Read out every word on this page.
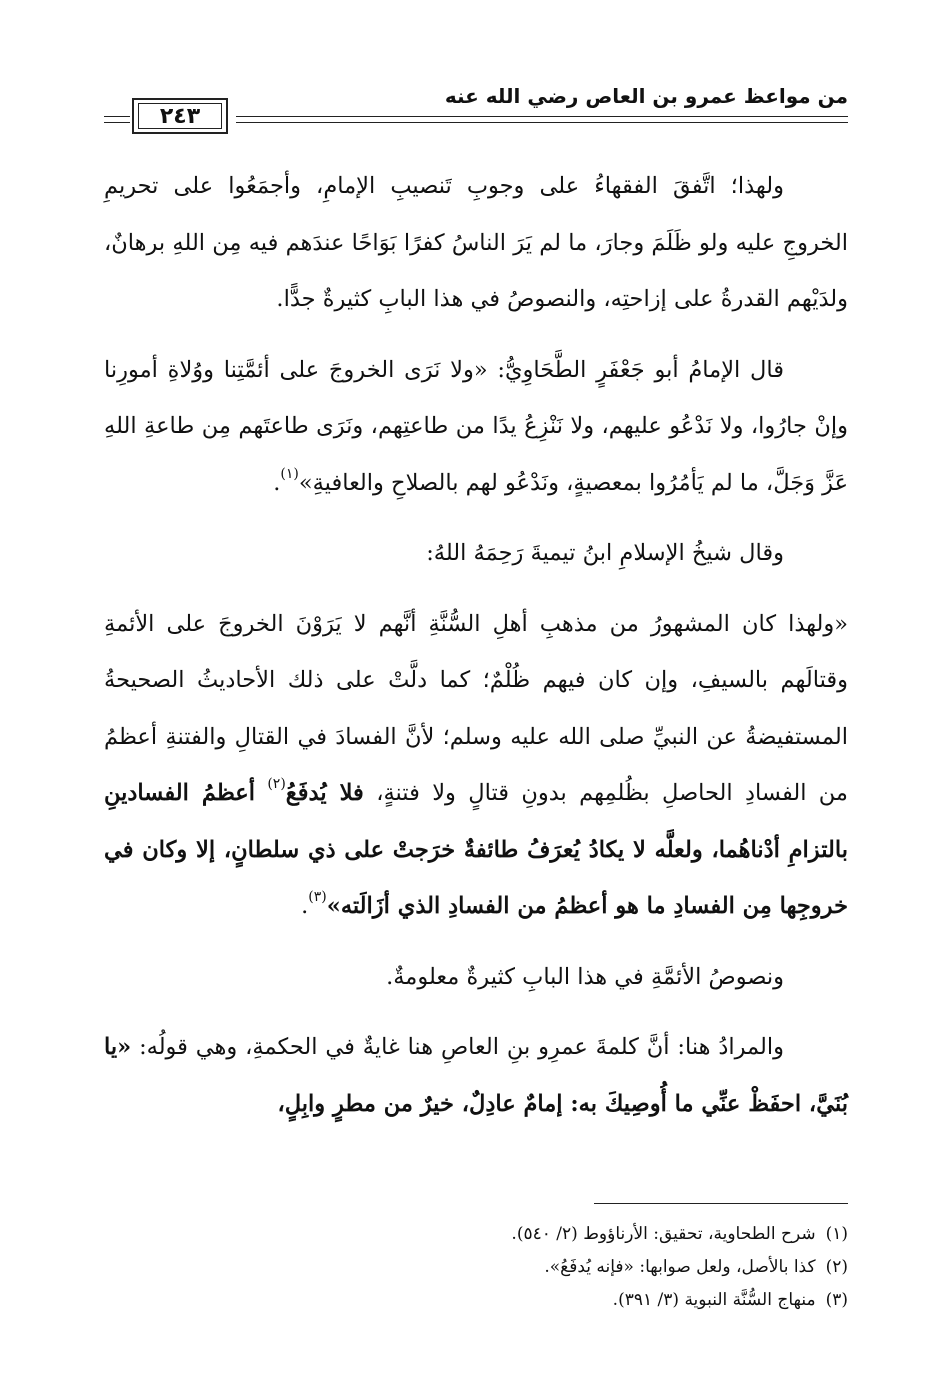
من مواعظ عمرو بن العاص رضي الله عنه
٢٤٣

ولهذا؛ اتَّفقَ الفقهاءُ على وجوبِ تَنصيبِ الإمامِ، وأجمَعُوا على تحريمِ الخروجِ عليه ولو ظَلَمَ وجارَ، ما لم يَرَ الناسُ كفرًا بَوَاحًا عندَهم فيه مِن اللهِ برهانٌ، ولدَيْهم القدرةُ على إزاحتِه، والنصوصُ في هذا البابِ كثيرةٌ جدًّا.

قال الإمامُ أبو جَعْفَرٍ الطَّحَاوِيُّ: «ولا نَرَى الخروجَ على أئمَّتِنا ووُلاةِ أمورِنا وإنْ جارُوا، ولا نَدْعُو عليهم، ولا نَنْزِعُ يدًا من طاعتِهم، ونَرَى طاعتَهم مِن طاعةِ اللهِ عَزَّ وَجَلَّ، ما لم يَأمُرُوا بمعصيةٍ، ونَدْعُو لهم بالصلاحِ والعافيةِ»$^{(١)}$.

وقال شيخُ الإسلامِ ابنُ تيميةَ رَحِمَهُ اللهُ:

«ولهذا كان المشهورُ من مذهبِ أهلِ السُّنَّةِ أنَّهم لا يَرَوْنَ الخروجَ على الأئمةِ وقتالَهم بالسيفِ، وإن كان فيهم ظُلْمٌ؛ كما دلَّتْ على ذلك الأحاديثُ الصحيحةُ المستفيضةُ عن النبيِّ صلى الله عليه وسلم؛ لأنَّ الفسادَ في القتالِ والفتنةِ أعظمُ من الفسادِ الحاصلِ بظُلمِهم بدونِ قتالٍ ولا فتنةٍ، فلا يُدفَعُ$^{(٢)}$ أعظمُ الفسادينِ بالتزامِ أدْناهُما، ولعلَّه لا يكادُ يُعرَفُ طائفةٌ خرَجتْ على ذي سلطانٍ، إلا وكان في خروجِها مِن الفسادِ ما هو أعظمُ من الفسادِ الذي أزَالَته»$^{(٣)}$.

ونصوصُ الأئمَّةِ في هذا البابِ كثيرةٌ معلومةٌ.

والمرادُ هنا: أنَّ كلمةَ عمرِو بنِ العاصِ هنا غايةٌ في الحكمةِ، وهي قولُه: «يا بُنَيَّ، احفَظْ عنِّي ما أُوصِيكَ به: إمامٌ عادِلٌ، خيرٌ من مطرٍ وابِلٍ،

(١)
شرح الطحاوية، تحقيق: الأرناؤوط (٢/ ٥٤٠).
(٢)
كذا بالأصل، ولعل صوابها: «فإنه يُدفَعُ».
(٣)
منهاج السُّنَّة النبوية (٣/ ٣٩١).
